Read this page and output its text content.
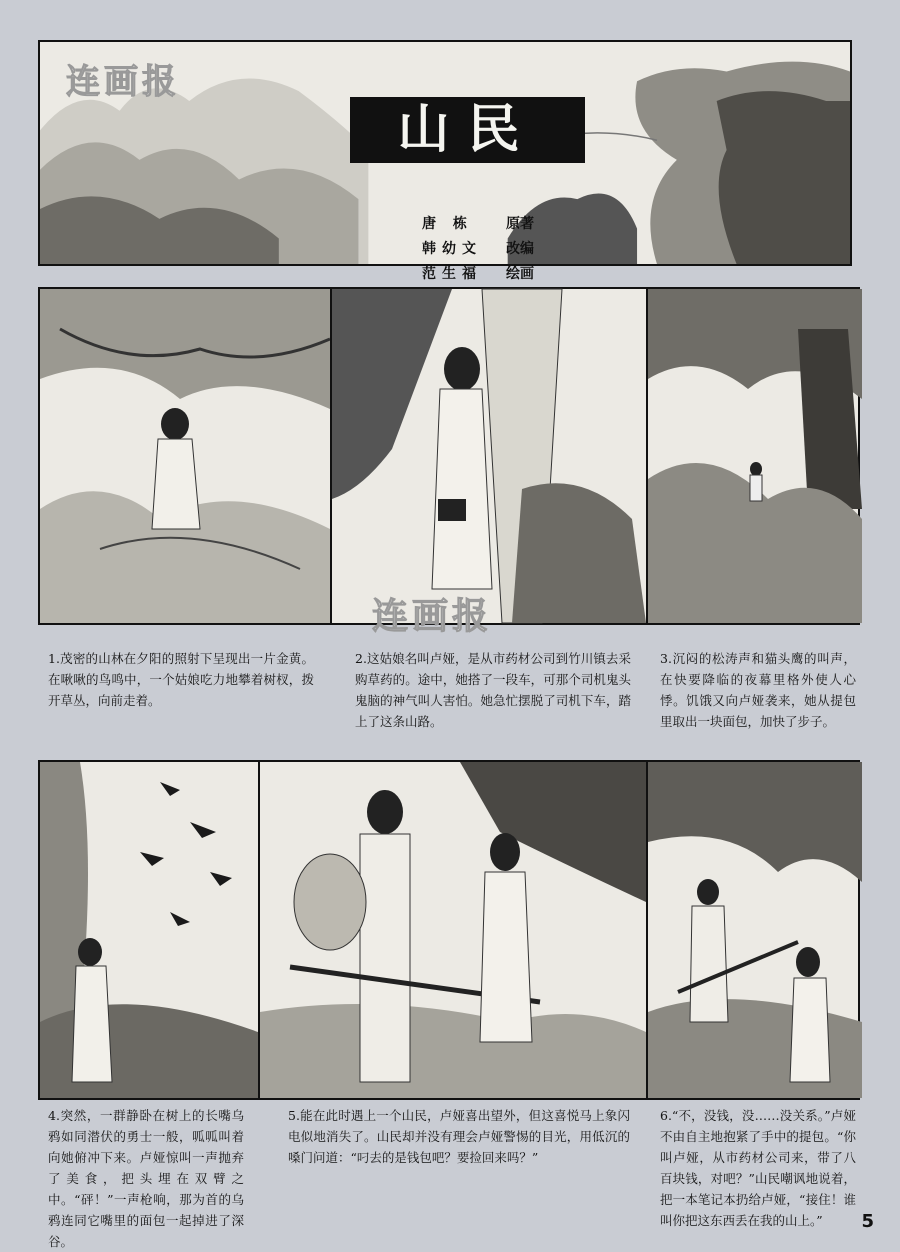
山民
连画报
唐 栋	原著
韩幼文 改编
范生福 绘画
连画报
1.茂密的山林在夕阳的照射下呈现出一片金黄。在啾啾的鸟鸣中，一个姑娘吃力地攀着树杈，拨开草丛，向前走着。
2.这姑娘名叫卢娅，是从市药材公司到竹川镇去采购草药的。途中，她搭了一段车，可那个司机鬼头鬼脑的神气叫人害怕。她急忙摆脱了司机下车，踏上了这条山路。
3.沉闷的松涛声和猫头鹰的叫声，在快要降临的夜幕里格外使人心悸。饥饿又向卢娅袭来，她从提包里取出一块面包，加快了步子。
4.突然，一群静卧在树上的长嘴乌鸦如同潜伏的勇士一般，呱呱叫着向她俯冲下来。卢娅惊叫一声抛弃了美食，把头埋在双臂之中。“砰！”一声枪响，那为首的乌鸦连同它嘴里的面包一起掉进了深谷。
5.能在此时遇上一个山民，卢娅喜出望外，但这喜悦马上象闪电似地消失了。山民却并没有理会卢娅警惕的目光，用低沉的嗓门问道：“叼去的是钱包吧？要捡回来吗？”
6.“不，没钱，没……没关系。”卢娅不由自主地抱紧了手中的提包。“你叫卢娅，从市药材公司来，带了八百块钱，对吧？”山民嘲讽地说着，把一本笔记本扔给卢娅，“接住！谁叫你把这东西丢在我的山上。”	5
